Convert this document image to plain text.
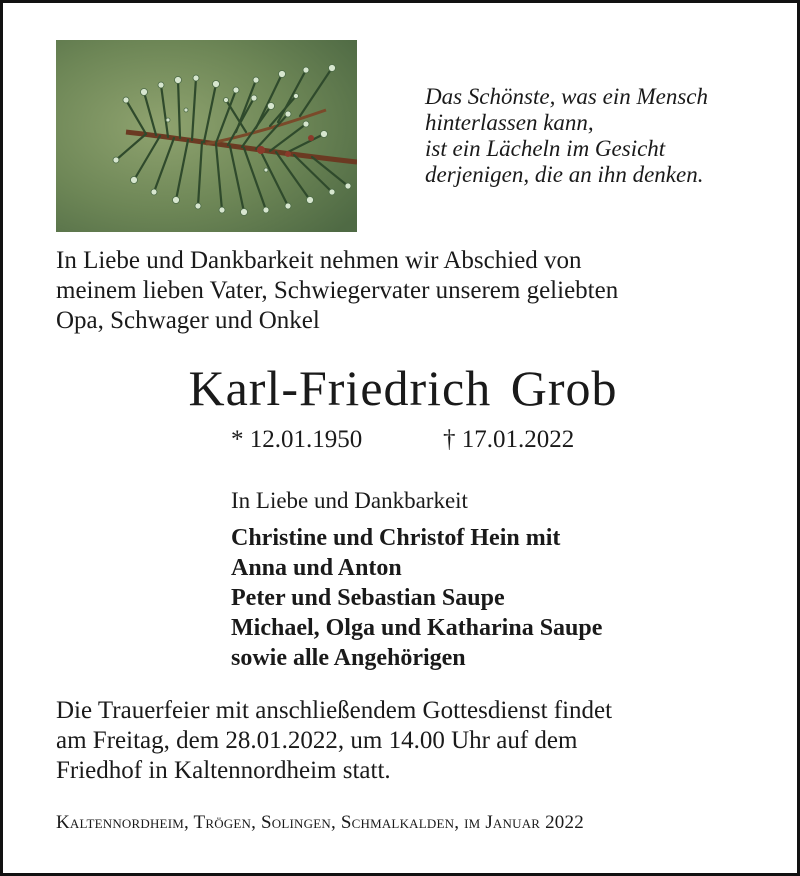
Das Schönste, was ein Mensch
hinterlassen kann,
ist ein Lächeln im Gesicht
derjenigen, die an ihn denken.
In Liebe und Dankbarkeit nehmen wir Abschied von
meinem lieben Vater, Schwiegervater unserem geliebten
Opa, Schwager und Onkel
Karl-Friedrich Grob
* 12.01.1950	† 17.01.2022
In Liebe und Dankbarkeit
Christine und Christof Hein mit
Anna und Anton
Peter und Sebastian Saupe
Michael, Olga und Katharina Saupe
sowie alle Angehörigen
Die Trauerfeier mit anschließendem Gottesdienst findet
am Freitag, dem 28.01.2022, um 14.00 Uhr auf dem
Friedhof in Kaltennordheim statt.
Kaltennordheim, Trögen, Solingen, Schmalkalden, im Januar 2022
